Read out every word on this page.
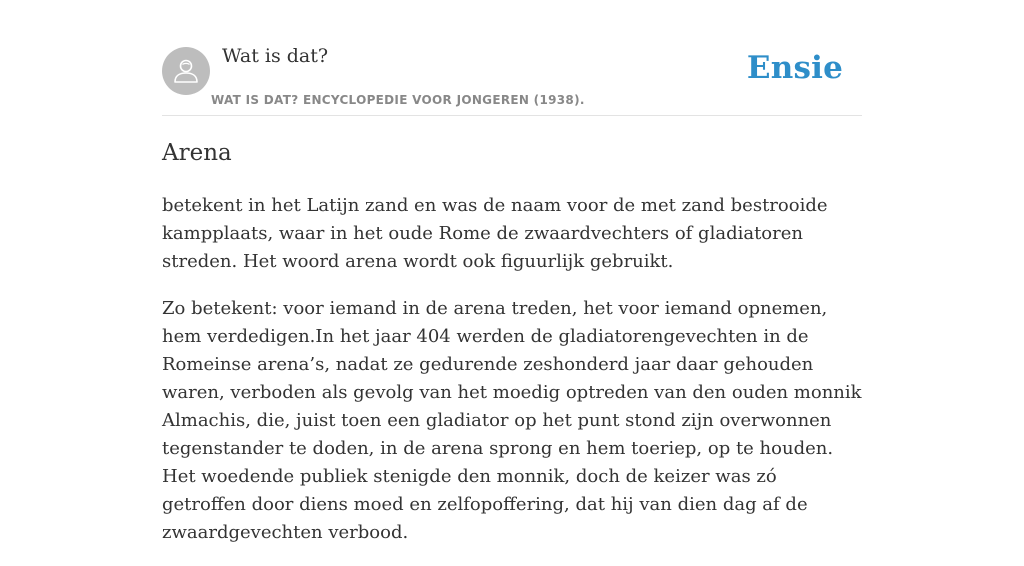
Wat is dat?
WAT IS DAT? ENCYCLOPEDIE VOOR JONGEREN (1938).
Ensie
Arena

betekent in het Latijn zand en was de naam voor de met zand bestrooide kampplaats, waar in het oude Rome de zwaardvechters of gladiatoren streden. Het woord arena wordt ook figuurlijk gebruikt.

Zo betekent: voor iemand in de arena treden, het voor iemand opnemen, hem verdedigen.In het jaar 404 werden de gladiatorengevechten in de Romeinse arena’s, nadat ze gedurende zeshonderd jaar daar gehouden waren, verboden als gevolg van het moedig optreden van den ouden monnik Almachis, die, juist toen een gladiator op het punt stond zijn overwonnen tegenstander te doden, in de arena sprong en hem toeriep, op te houden. Het woedende publiek stenigde den monnik, doch de keizer was zó getroffen door diens moed en zelfopoffering, dat hij van dien dag af de zwaardgevechten verbood.
